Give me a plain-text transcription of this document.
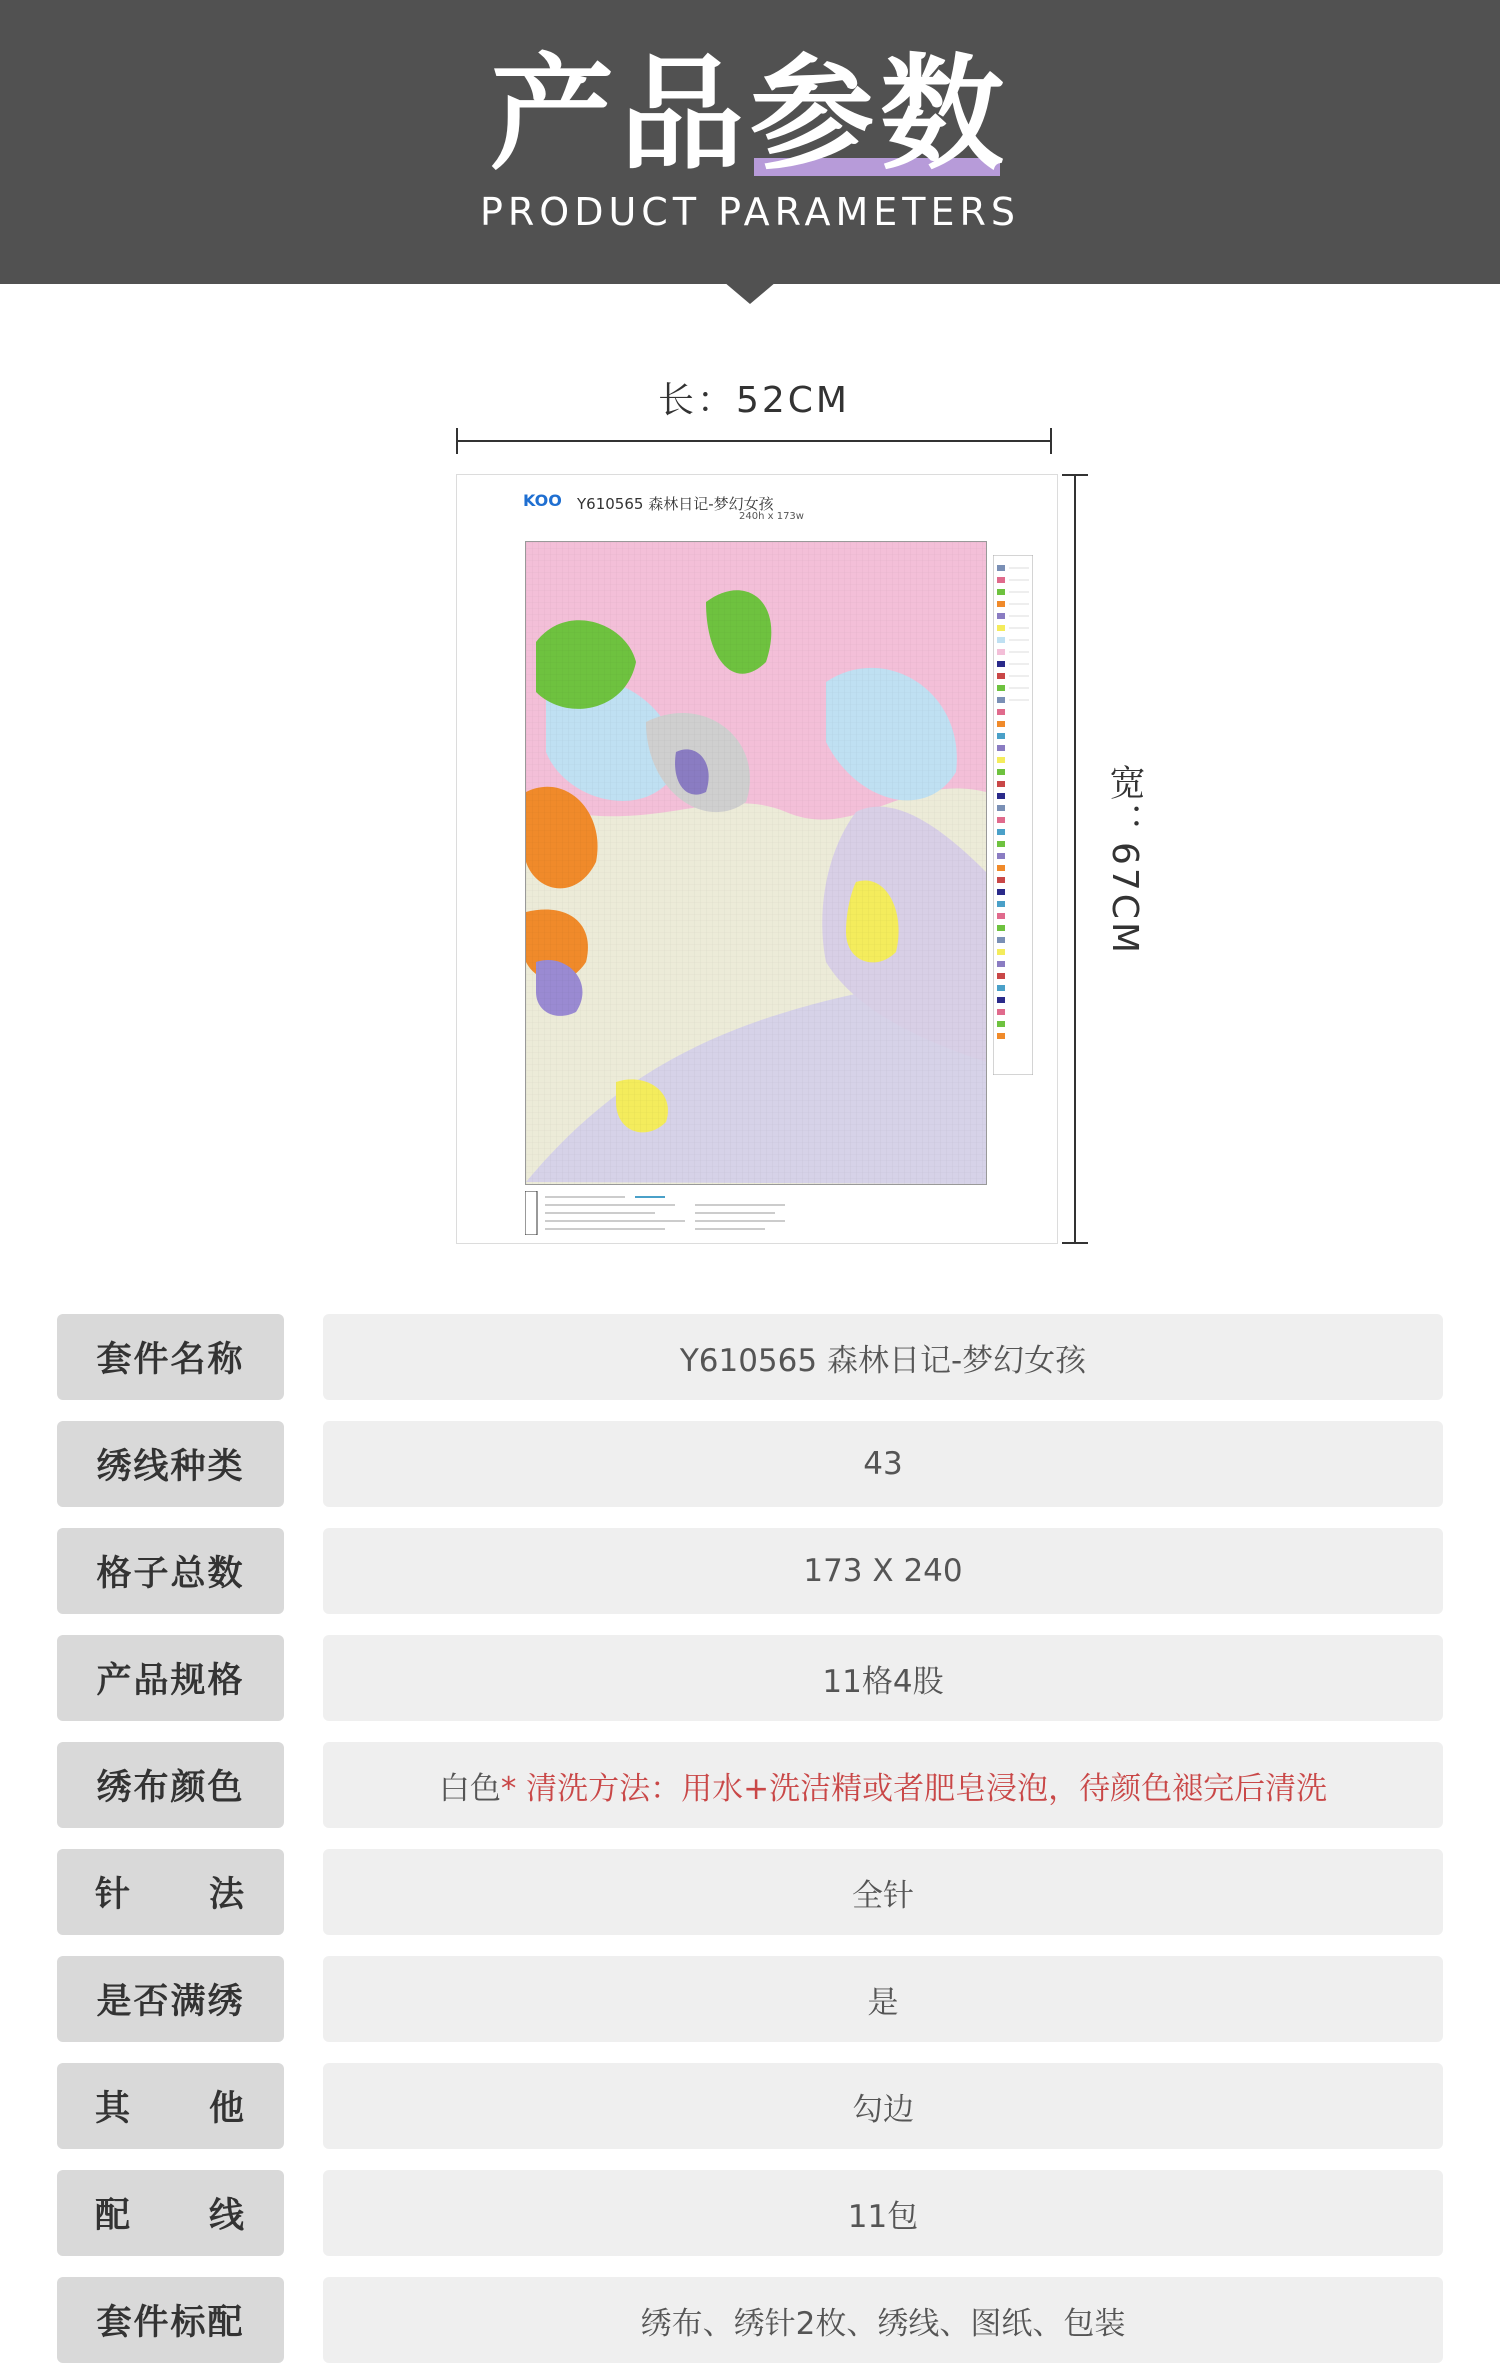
产品参数
PRODUCT PARAMETERS
长：52CM
宽：67CM
KOO Y610565 森林日记-梦幻女孩
240h x 173w
套件名称	Y610565 森林日记-梦幻女孩
绣线种类	43
格子总数	173 X 240
产品规格	11格4股
绣布颜色	白色 * 清洗方法：用水+洗洁精或者肥皂浸泡，待颜色褪完后清洗
针 法	全针
是否满绣	是
其 他	勾边
配 线	11包
套件标配	绣布、绣针2枚、绣线、图纸、包装
